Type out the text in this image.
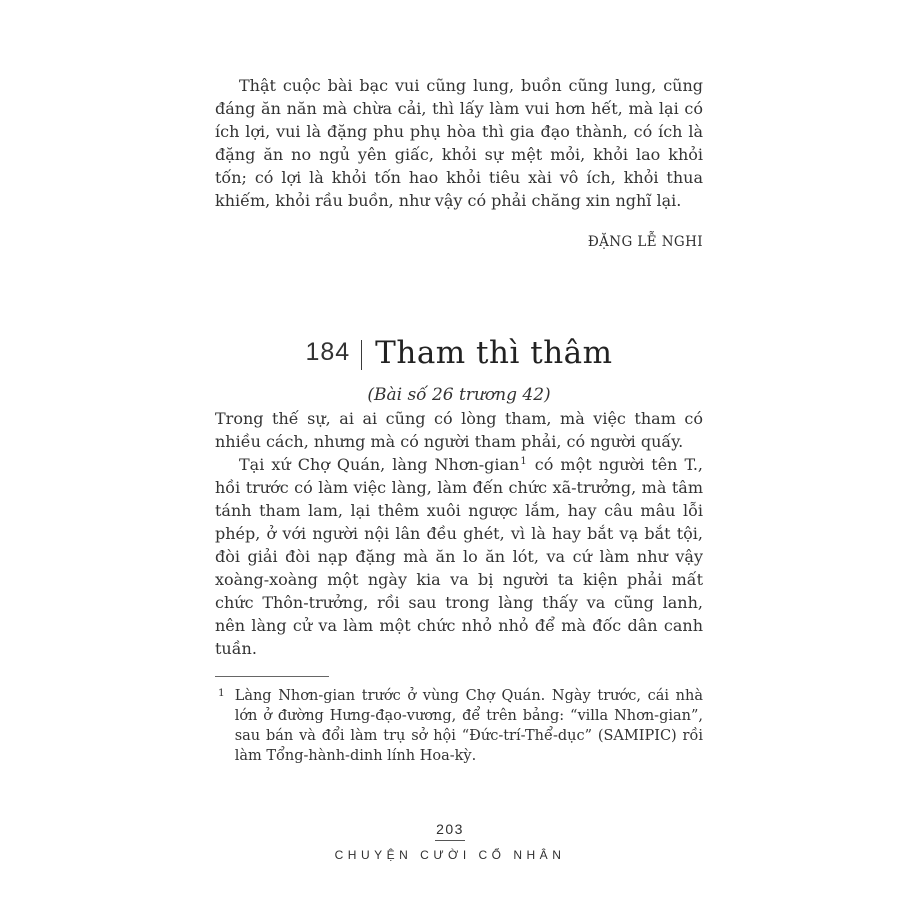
Thật cuộc bài bạc vui cũng lung, buồn cũng lung, cũng đáng ăn năn mà chừa cải, thì lấy làm vui hơn hết, mà lại có ích lợi, vui là đặng phu phụ hòa thì gia đạo thành, có ích là đặng ăn no ngủ yên giấc, khỏi sự mệt mỏi, khỏi lao khỏi tốn; có lợi là khỏi tốn hao khỏi tiêu xài vô ích, khỏi thua khiếm, khỏi rầu buồn, như vậy có phải chăng xin nghĩ lại.

ĐẶNG LỄ NGHI
184 Tham thì thâm
(Bài số 26 trương 42)

Trong thế sự, ai ai cũng có lòng tham, mà việc tham có nhiều cách, nhưng mà có người tham phải, có người quấy.

Tại xứ Chợ Quán, làng Nhơn-gian$^1$ có một người tên T., hồi trước có làm việc làng, làm đến chức xã-trưởng, mà tâm tánh tham lam, lại thêm xuôi ngược lắm, hay câu mâu lỗi phép, ở với người nội lân đều ghét, vì là hay bắt vạ bắt tội, đòi giải đòi nạp đặng mà ăn lo ăn lót, va cứ làm như vậy xoàng-xoàng một ngày kia va bị người ta kiện phải mất chức Thôn-trưởng, rồi sau trong làng thấy va cũng lanh, nên làng cử va làm một chức nhỏ nhỏ để mà đốc dân canh tuần.

1 Làng Nhơn-gian trước ở vùng Chợ Quán. Ngày trước, cái nhà lớn ở đường Hưng-đạo-vương, để trên bảng: “villa Nhơn-gian”, sau bán và đổi làm trụ sở hội “Đức-trí-Thể-dục” (SAMIPIC) rồi làm Tổng-hành-dinh lính Hoa-kỳ.
203
CHUYỆN CƯỜI CỔ NHÂN
